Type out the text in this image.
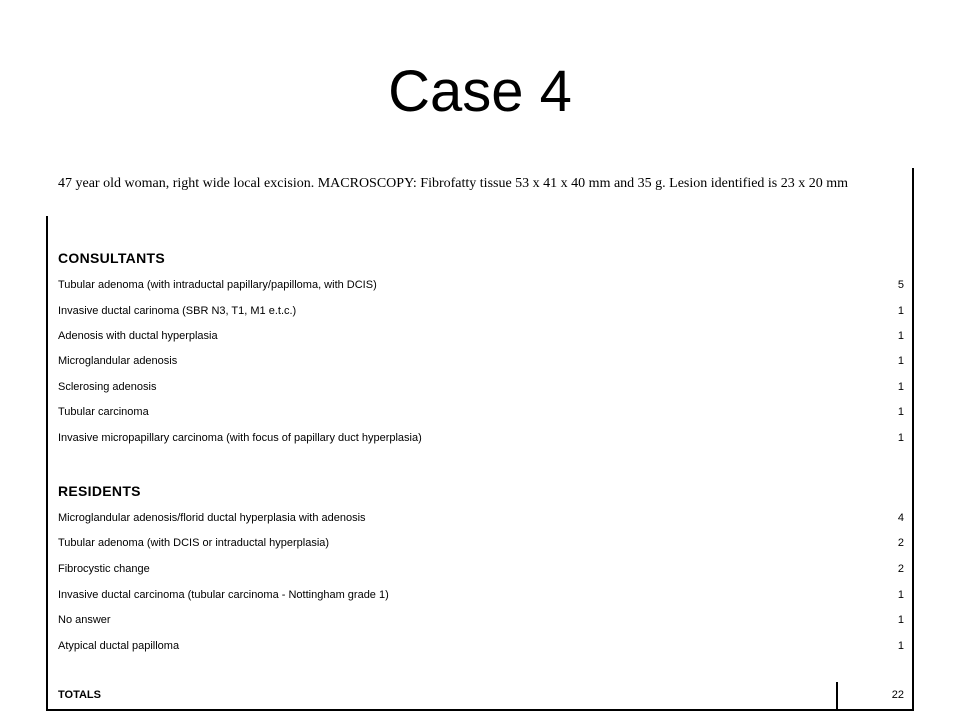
Case 4
47 year old woman, right wide local excision. MACROSCOPY: Fibrofatty tissue 53 x 41 x 40 mm and 35 g. Lesion identified is 23 x 20 mm
CONSULTANTS
Tubular adenoma (with intraductal papillary/papilloma, with DCIS)	5
Invasive ductal carinoma (SBR N3, T1, M1 e.t.c.)	1
Adenosis with ductal hyperplasia	1
Microglandular adenosis	1
Sclerosing adenosis	1
Tubular carcinoma	1
Invasive micropapillary carcinoma (with focus of papillary duct hyperplasia)	1
RESIDENTS
Microglandular adenosis/florid ductal hyperplasia with adenosis	4
Tubular adenoma (with DCIS or intraductal hyperplasia)	2
Fibrocystic change	2
Invasive ductal carcinoma (tubular carcinoma - Nottingham grade 1)	1
No answer	1
Atypical ductal papilloma	1
TOTALS	22
